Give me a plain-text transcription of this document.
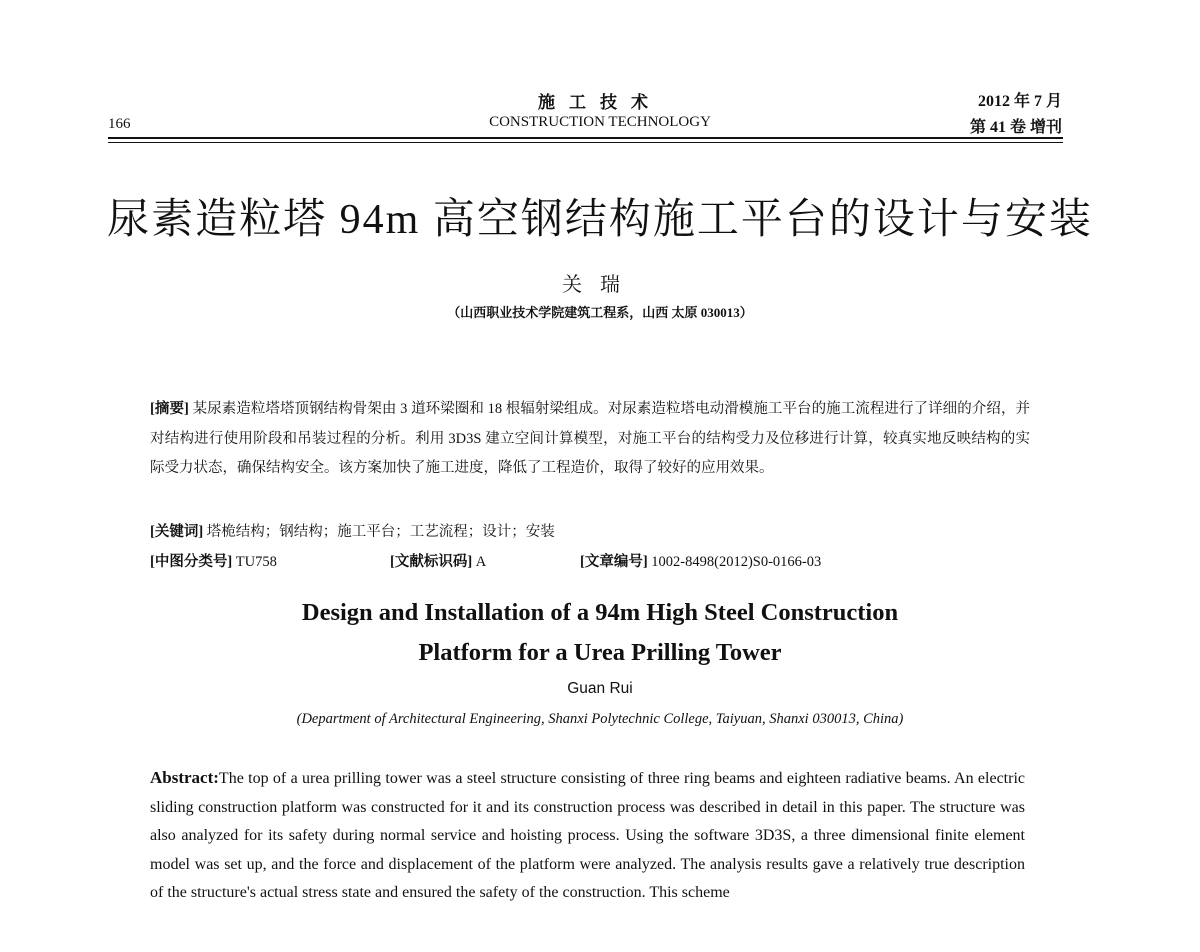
施工技术
CONSTRUCTION TECHNOLOGY
166
2012 年 7 月
第 41 卷 增刊
尿素造粒塔 94m 高空钢结构施工平台的设计与安装
关瑞
（山西职业技术学院建筑工程系，山西 太原 030013）
[摘要] 某尿素造粒塔塔顶钢结构骨架由 3 道环梁圈和 18 根辐射梁组成。对尿素造粒塔电动滑模施工平台的施工流程进行了详细的介绍，并对结构进行使用阶段和吊装过程的分析。利用 3D3S 建立空间计算模型，对施工平台的结构受力及位移进行计算，较真实地反映结构的实际受力状态，确保结构安全。该方案加快了施工进度，降低了工程造价，取得了较好的应用效果。
[关键词] 塔桅结构；钢结构；施工平台；工艺流程；设计；安装
[中图分类号] TU758	[文献标识码] A	[文章编号] 1002-8498(2012)S0-0166-03
Design and Installation of a 94m High Steel Construction
Platform for a Urea Prilling Tower
Guan Rui
(Department of Architectural Engineering, Shanxi Polytechnic College, Taiyuan, Shanxi 030013, China)
Abstract:The top of a urea prilling tower was a steel structure consisting of three ring beams and eighteen radiative beams. An electric sliding construction platform was constructed for it and its construction process was described in detail in this paper. The structure was also analyzed for its safety during normal service and hoisting process. Using the software 3D3S, a three dimensional finite element model was set up, and the force and displacement of the platform were analyzed. The analysis results gave a relatively true description of the structure's actual stress state and ensured the safety of the construction. This scheme
